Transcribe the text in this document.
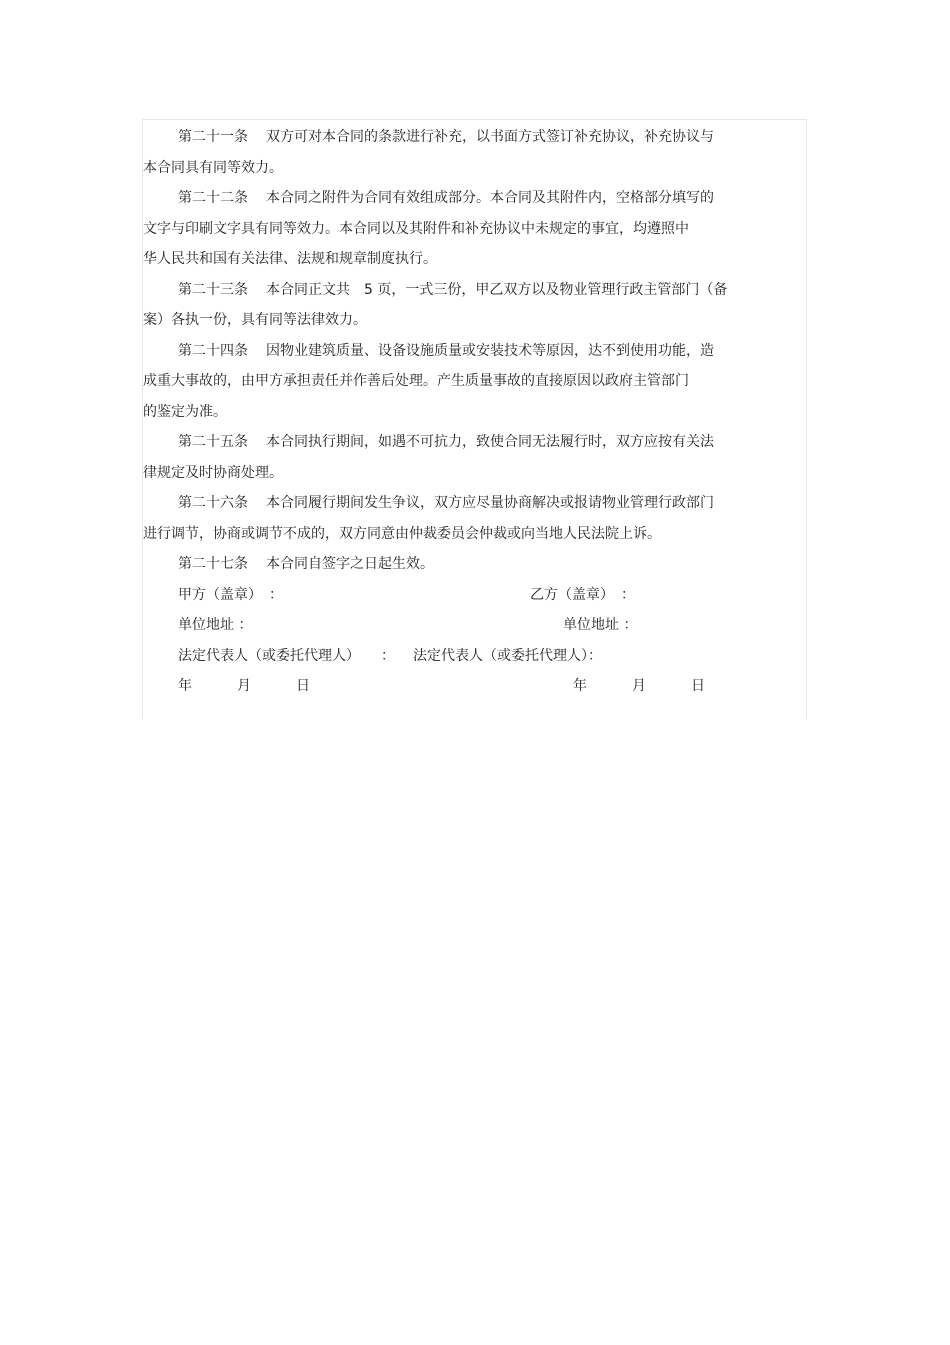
第二十一条 双方可对本合同的条款进行补充，以书面方式签订补充协议，补充协议与
本合同具有同等效力。
第二十二条 本合同之附件为合同有效组成部分。本合同及其附件内，空格部分填写的
文字与印刷文字具有同等效力。本合同以及其附件和补充协议中未规定的事宜，均遵照中
华人民共和国有关法律、法规和规章制度执行。
第二十三条 本合同正文共　5 页，一式三份，甲乙双方以及物业管理行政主管部门（备
案）各执一份，具有同等法律效力。
第二十四条 因物业建筑质量、设备设施质量或安装技术等原因，达不到使用功能，造
成重大事故的，由甲方承担责任并作善后处理。产生质量事故的直接原因以政府主管部门
的鉴定为准。
第二十五条 本合同执行期间，如遇不可抗力，致使合同无法履行时，双方应按有关法
律规定及时协商处理。
第二十六条 本合同履行期间发生争议，双方应尽量协商解决或报请物业管理行政部门
进行调节，协商或调节不成的，双方同意由仲裁委员会仲裁或向当地人民法院上诉。
第二十七条 本合同自签字之日起生效。
甲方（盖章）　：	乙方（盖章）　：
单位地址 ：	单位地址 ：
法定代表人（或委托代理人）　　： 法定代表人（或委托代理人）：
年	月	日	年	月	日
